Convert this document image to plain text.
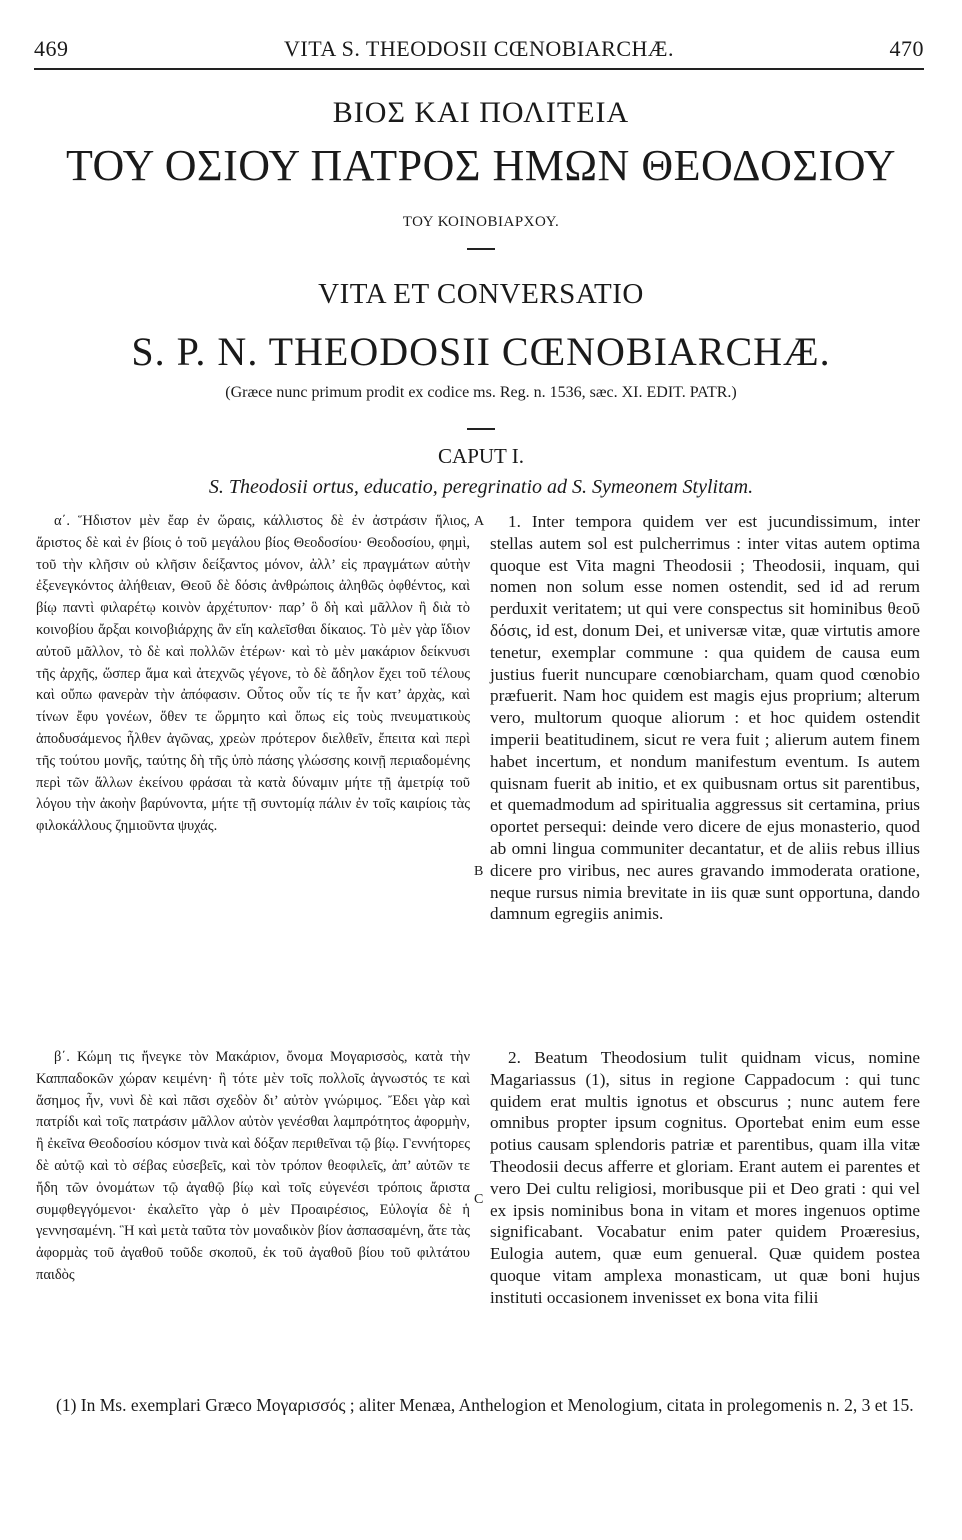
469	VITA S. THEODOSII CŒNOBIARCHÆ.	470
ΒΙΟΣ ΚΑΙ ΠΟΛΙΤΕΙΑ
ΤΟΥ ΟΣΙΟΥ ΠΑΤΡΟΣ ΗΜΩΝ ΘΕΟΔΟΣΙΟΥ
ΤΟΥ ΚΟΙΝΟΒΙΑΡΧΟΥ.
VITA ET CONVERSATIO
S. P. N. THEODOSII CŒNOBIARCHÆ.
(Græce nunc primum prodit ex codice ms. Reg. n. 1536, sæc. XI. EDIT. PATR.)
CAPUT I.
S. Theodosii ortus, educatio, peregrinatio ad S. Symeonem Stylitam.

α΄. Ἥδιστον μὲν ἔαρ ἐν ὥραις, κάλλιστος δὲ ἐν ἀστράσιν ἥλιος, ἄριστος δὲ καὶ ἐν βίοις ὁ τοῦ μεγάλου βίος Θεοδοσίου· Θεοδοσίου, φημὶ, τοῦ τὴν κλῆσιν οὐ κλῆσιν δείξαντος μόνον, ἀλλ’ εἰς πραγμάτων αὐτὴν ἐξενεγκόντος ἀλήθειαν, Θεοῦ δὲ δόσις ἀνθρώποις ἀληθῶς ὀφθέντος, καὶ βίῳ παντὶ φιλαρέτῳ κοινὸν ἀρχέτυπον· παρ’ ὃ δὴ καὶ μᾶλλον ἢ διὰ τὸ κοινοβίου ἄρξαι κοινοβιάρχης ἂν εἴη καλεῖσθαι δίκαιος. Τὸ μὲν γὰρ ἴδιον αὐτοῦ μᾶλλον, τὸ δὲ καὶ πολλῶν ἑτέρων· καὶ τὸ μὲν μακάριον δείκνυσι τῆς ἀρχῆς, ὥσπερ ἅμα καὶ ἀτεχνῶς γέγονε, τὸ δὲ ἄδηλον ἔχει τοῦ τέλους καὶ οὔπω φανερὰν τὴν ἀπόφασιν. Οὗτος οὖν τίς τε ἦν κατ’ ἀρχὰς, καὶ τίνων ἔφυ γονέων, ὅθεν τε ὥρμητο καὶ ὅπως εἰς τοὺς πνευματικοὺς ἀποδυσάμενος ἦλθεν ἀγῶνας, χρεὼν πρότερον διελθεῖν, ἔπειτα καὶ περὶ τῆς τούτου μονῆς, ταύτης δὴ τῆς ὑπὸ πάσης γλώσσης κοινῇ περιαδομένης περὶ τῶν ἄλλων ἐκείνου φράσαι τὰ κατὰ δύναμιν μήτε τῇ ἀμετρίᾳ τοῦ λόγου τὴν ἀκοὴν βαρύνοντα, μήτε τῇ συντομίᾳ πάλιν ἐν τοῖς καιρίοις τὰς φιλοκάλλους ζημιοῦντα ψυχάς.

1. Inter tempora quidem ver est jucundissimum, inter stellas autem sol est pulcherrimus : inter vitas autem optima quoque est Vita magni Theodosii ; Theodosii, inquam, qui nomen non solum esse nomen ostendit, sed id ad rerum perduxit veritatem; ut qui vere conspectus sit hominibus θεοῦ δόσις, id est, donum Dei, et universæ vitæ, quæ virtutis amore tenetur, exemplar commune : qua quidem de causa eum justius fuerit nuncupare cœnobiarcham, quam quod cœnobio præfuerit. Nam hoc quidem est magis ejus proprium; alterum vero, multorum quoque aliorum : et hoc quidem ostendit imperii beatitudinem, sicut re vera fuit ; alierum autem finem habet incertum, et nondum manifestum eventum. Is autem quisnam fuerit ab initio, et ex quibusnam ortus sit parentibus, et quemadmodum ad spiritualia aggressus sit certamina, prius oportet persequi: deinde vero dicere de ejus monasterio, quod ab omni lingua communiter decantatur, et de aliis rebus illius dicere pro viribus, nec aures gravando immoderata oratione, neque rursus nimia brevitate in iis quæ sunt opportuna, dando damnum egregiis animis.

β΄. Κώμη τις ἤνεγκε τὸν Μακάριον, ὄνομα Μογαρισσὸς, κατὰ τὴν Καππαδοκῶν χώραν κειμένη· ἣ τότε μὲν τοῖς πολλοῖς ἀγνωστός τε καὶ ἄσημος ἦν, νυνὶ δὲ καὶ πᾶσι σχεδὸν δι’ αὐτὸν γνώριμος. Ἔδει γὰρ καὶ πατρίδι καὶ τοῖς πατράσιν μᾶλλον αὐτὸν γενέσθαι λαμπρότητος ἀφορμὴν, ἢ ἐκεῖνα Θεοδοσίου κόσμον τινὰ καὶ δόξαν περιθεῖναι τῷ βίῳ. Γεννήτορες δὲ αὐτῷ καὶ τὸ σέβας εὐσεβεῖς, καὶ τὸν τρόπον θεοφιλεῖς, ἀπ’ αὐτῶν τε ἤδη τῶν ὀνομάτων τῷ ἀγαθῷ βίῳ καὶ τοῖς εὐγενέσι τρόποις ἄριστα συμφθεγγόμενοι· ἐκαλεῖτο γὰρ ὁ μὲν Προαιρέσιος, Εὐλογία δὲ ἡ γεννησαμένη. Ἣ καὶ μετὰ ταῦτα τὸν μοναδικὸν βίον ἀσπασαμένη, ἅτε τὰς ἀφορμὰς τοῦ ἀγαθοῦ τοῦδε σκοποῦ, ἐκ τοῦ ἀγαθοῦ βίου τοῦ φιλτάτου παιδὸς

2. Beatum Theodosium tulit quidnam vicus, nomine Magariassus (1), situs in regione Cappadocum : qui tunc quidem erat multis ignotus et obscurus ; nunc autem fere omnibus propter ipsum cognitus. Oportebat enim eum esse potius causam splendoris patriæ et parentibus, quam illa vitæ Theodosii decus afferre et gloriam. Erant autem ei parentes et vero Dei cultu religiosi, moribusque pii et Deo grati : qui vel ex ipsis nominibus bona in vitam et mores ingenuos optime significabant. Vocabatur enim pater quidem Proæresius, Eulogia autem, quæ eum genueral. Quæ quidem postea quoque vitam amplexa monasticam, ut quæ boni hujus instituti occasionem invenisset ex bona vita filii

A
B
C
(1) In Ms. exemplari Græco Μογαρισσός ; aliter Menæa, Anthelogion et Menologium, citata in prolegomenis n. 2, 3 et 15.
